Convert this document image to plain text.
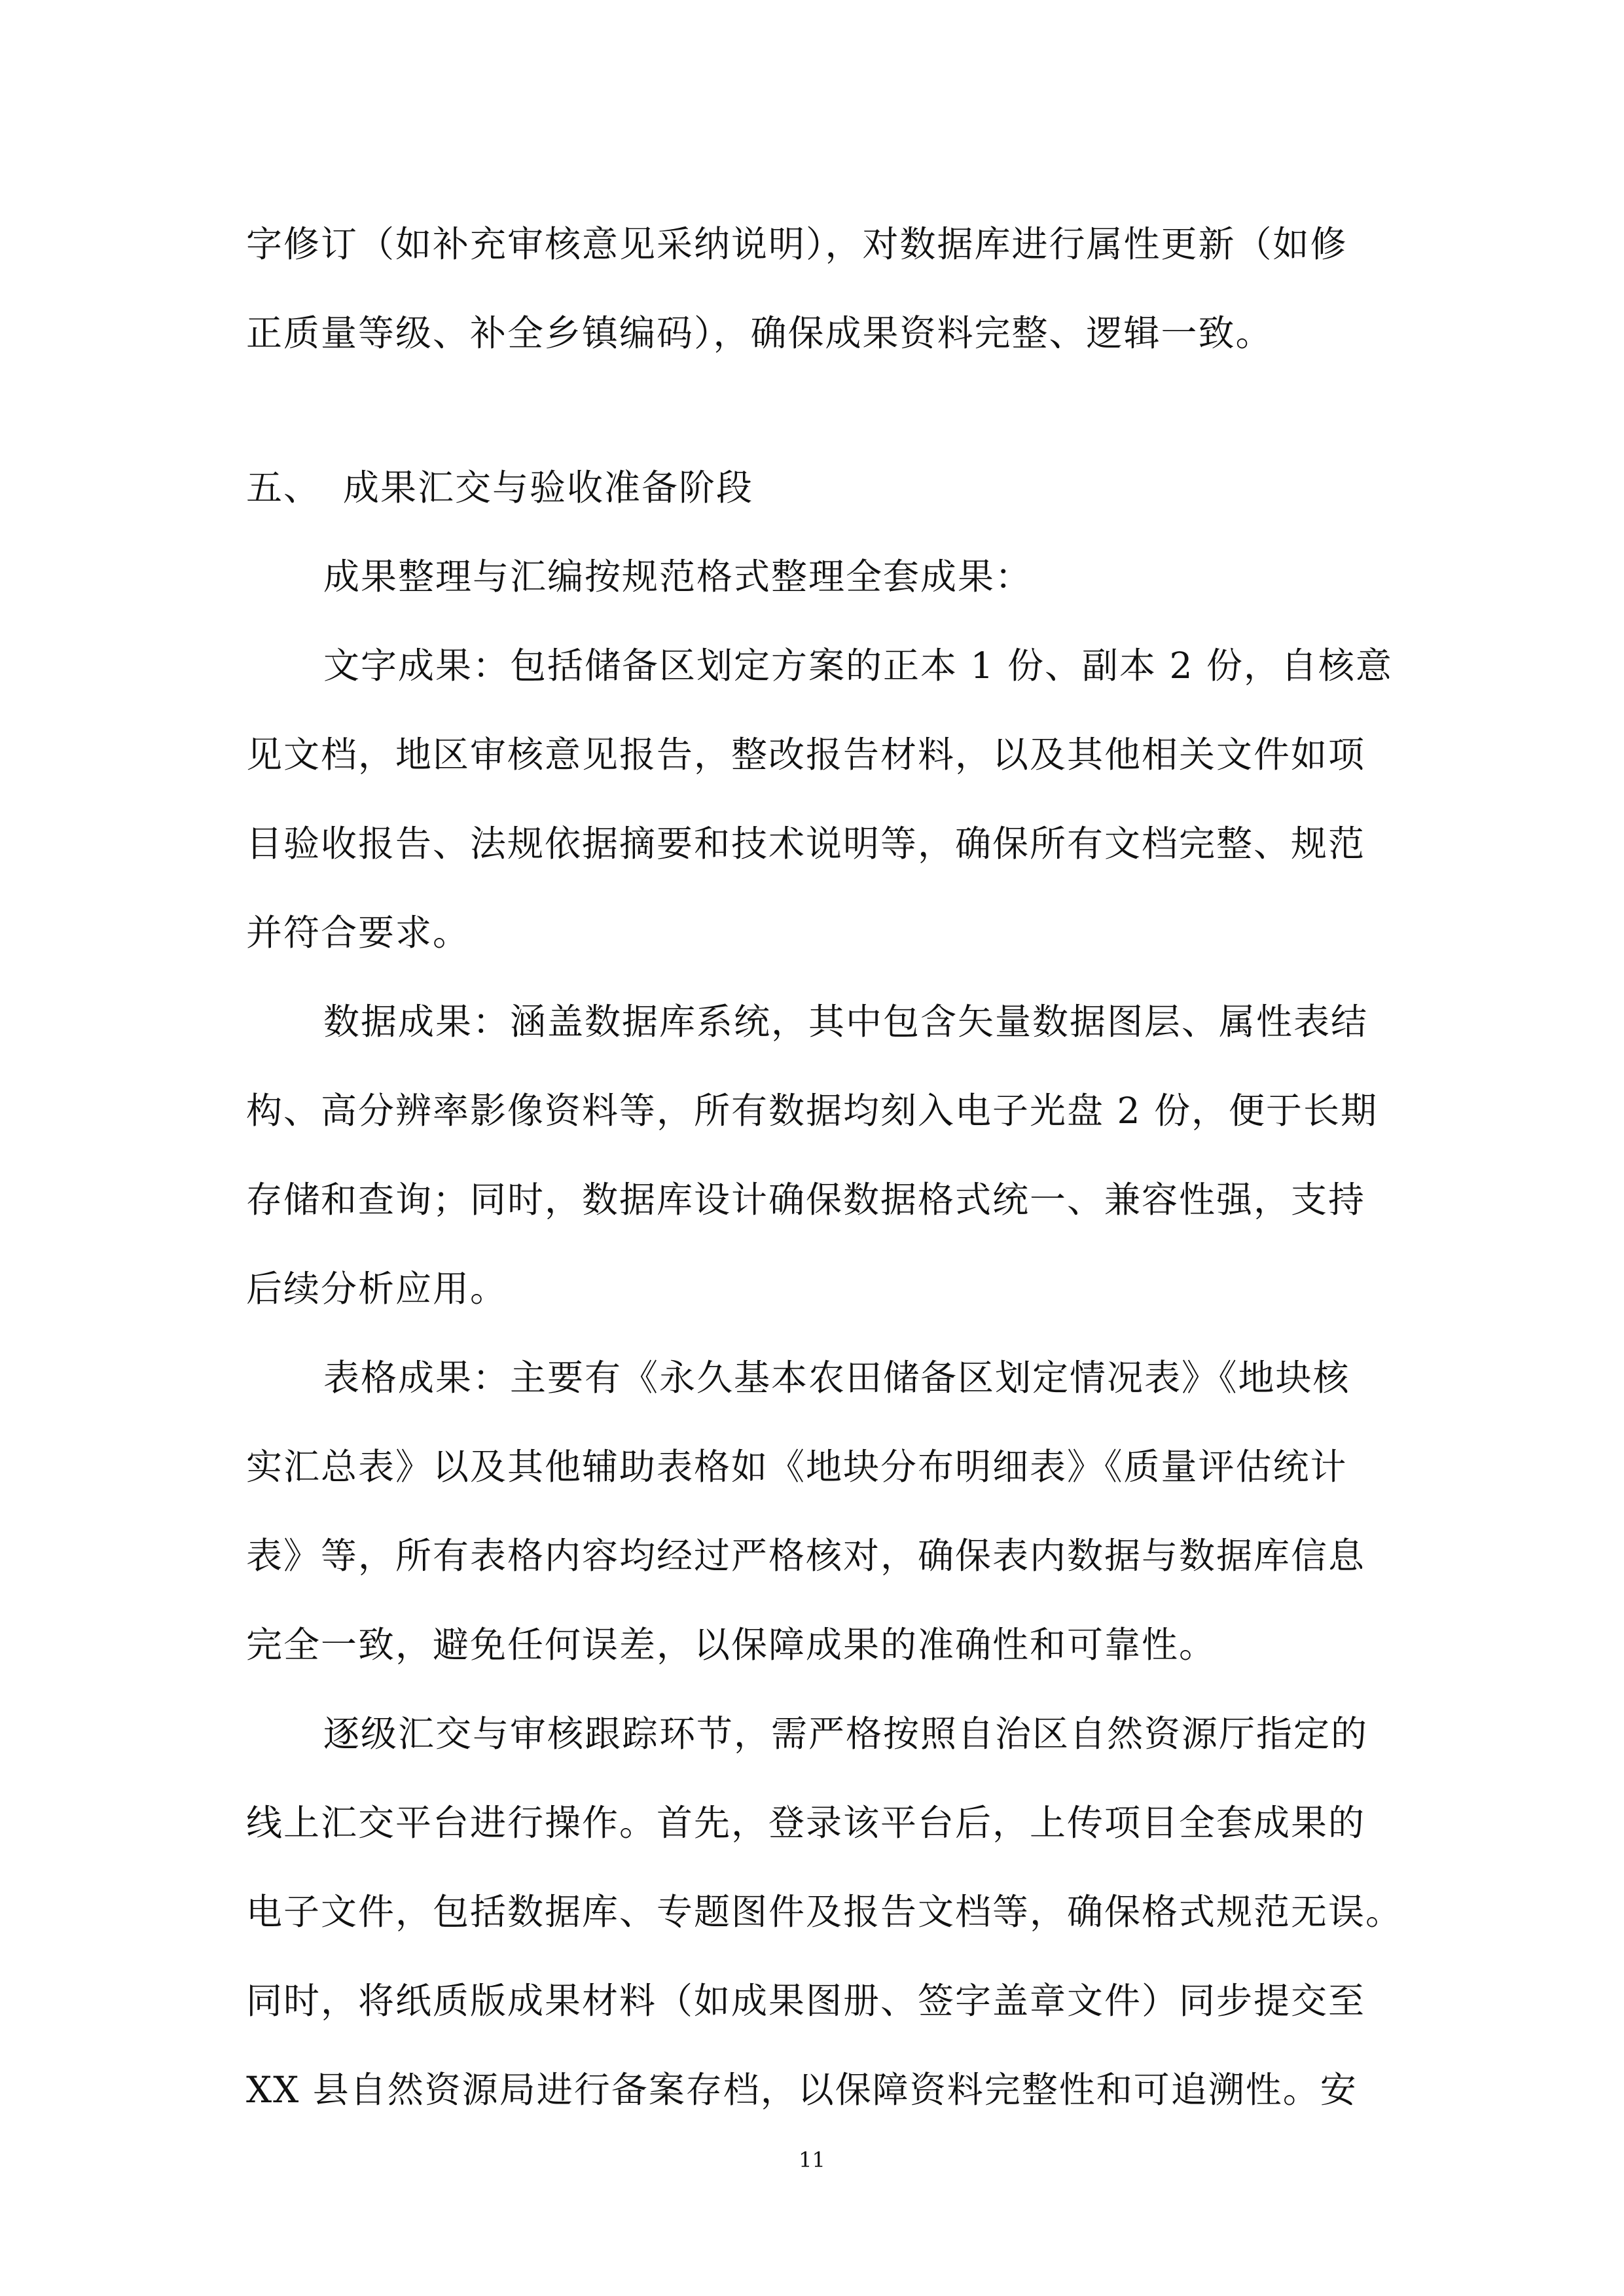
字修订（如补充审核意见采纳说明），对数据库进行属性更新（如修
正质量等级、补全乡镇编码），确保成果资料完整、逻辑一致。
五、 成果汇交与验收准备阶段
成果整理与汇编按规范格式整理全套成果：
文字成果：包括储备区划定方案的正本 1 份、副本 2 份，自核意
见文档，地区审核意见报告，整改报告材料，以及其他相关文件如项
目验收报告、法规依据摘要和技术说明等，确保所有文档完整、规范
并符合要求。
数据成果：涵盖数据库系统，其中包含矢量数据图层、属性表结
构、高分辨率影像资料等，所有数据均刻入电子光盘 2 份，便于长期
存储和查询；同时，数据库设计确保数据格式统一、兼容性强，支持
后续分析应用。
表格成果：主要有《永久基本农田储备区划定情况表》《地块核
实汇总表》以及其他辅助表格如《地块分布明细表》《质量评估统计
表》等，所有表格内容均经过严格核对，确保表内数据与数据库信息
完全一致，避免任何误差，以保障成果的准确性和可靠性。
逐级汇交与审核跟踪环节，需严格按照自治区自然资源厅指定的
线上汇交平台进行操作。首先，登录该平台后，上传项目全套成果的
电子文件，包括数据库、专题图件及报告文档等，确保格式规范无误。
同时，将纸质版成果材料（如成果图册、签字盖章文件）同步提交至
XX 县自然资源局进行备案存档，以保障资料完整性和可追溯性。安
11
